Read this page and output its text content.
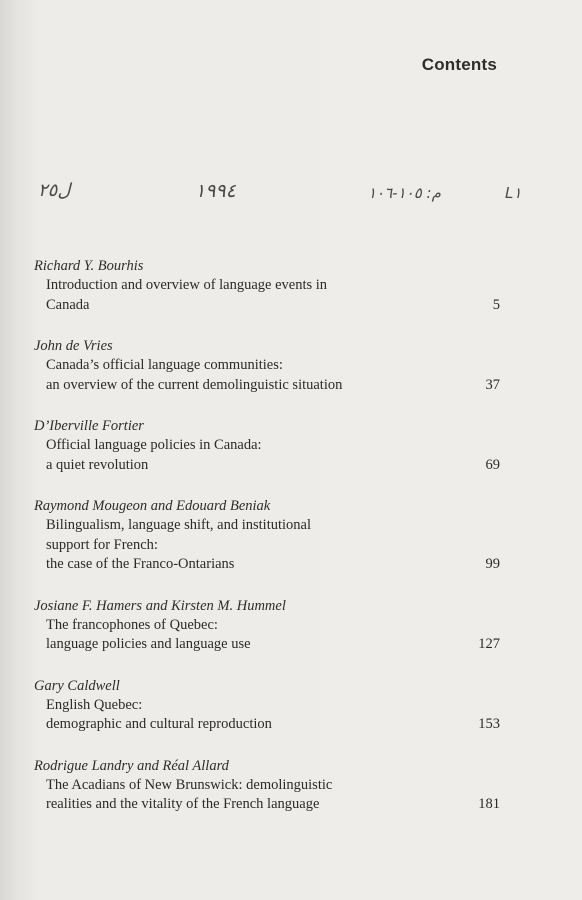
Contents
ل٢٥	١٩٩٤	م: ١٠٥-١٠٦	L١
Richard Y. Bourhis
Introduction and overview of language events in
Canada	5
John de Vries
Canada’s official language communities:
an overview of the current demolinguistic situation	37
D’Iberville Fortier
Official language policies in Canada:
a quiet revolution	69
Raymond Mougeon and Edouard Beniak
Bilingualism, language shift, and institutional
support for French:
the case of the Franco-Ontarians	99
Josiane F. Hamers and Kirsten M. Hummel
The francophones of Quebec:
language policies and language use	127
Gary Caldwell
English Quebec:
demographic and cultural reproduction	153
Rodrigue Landry and Réal Allard
The Acadians of New Brunswick: demolinguistic
realities and the vitality of the French language	181
